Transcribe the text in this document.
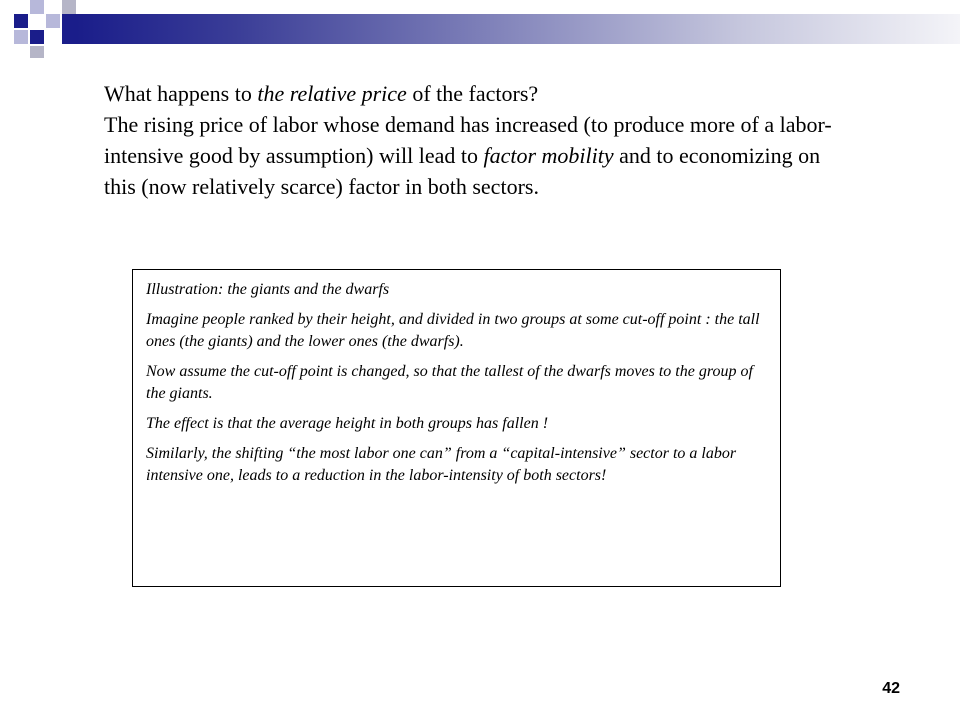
What happens to the relative price of the factors?

The rising price of labor whose demand has increased (to produce more of a labor-intensive good by assumption) will lead to factor mobility and to economizing on this (now relatively scarce) factor in both sectors.

Illustration: the giants and the dwarfs

Imagine people ranked by their height, and divided in two groups at some cut-off point : the tall ones (the giants) and the lower ones (the dwarfs).

Now assume the cut-off point is changed, so that the tallest of the dwarfs moves to the group of the giants.

The effect is that the average height in both groups has fallen !

Similarly, the shifting “the most labor one can” from a “capital-intensive” sector to a labor intensive one, leads to a reduction in the labor-intensity of both sectors!

42
